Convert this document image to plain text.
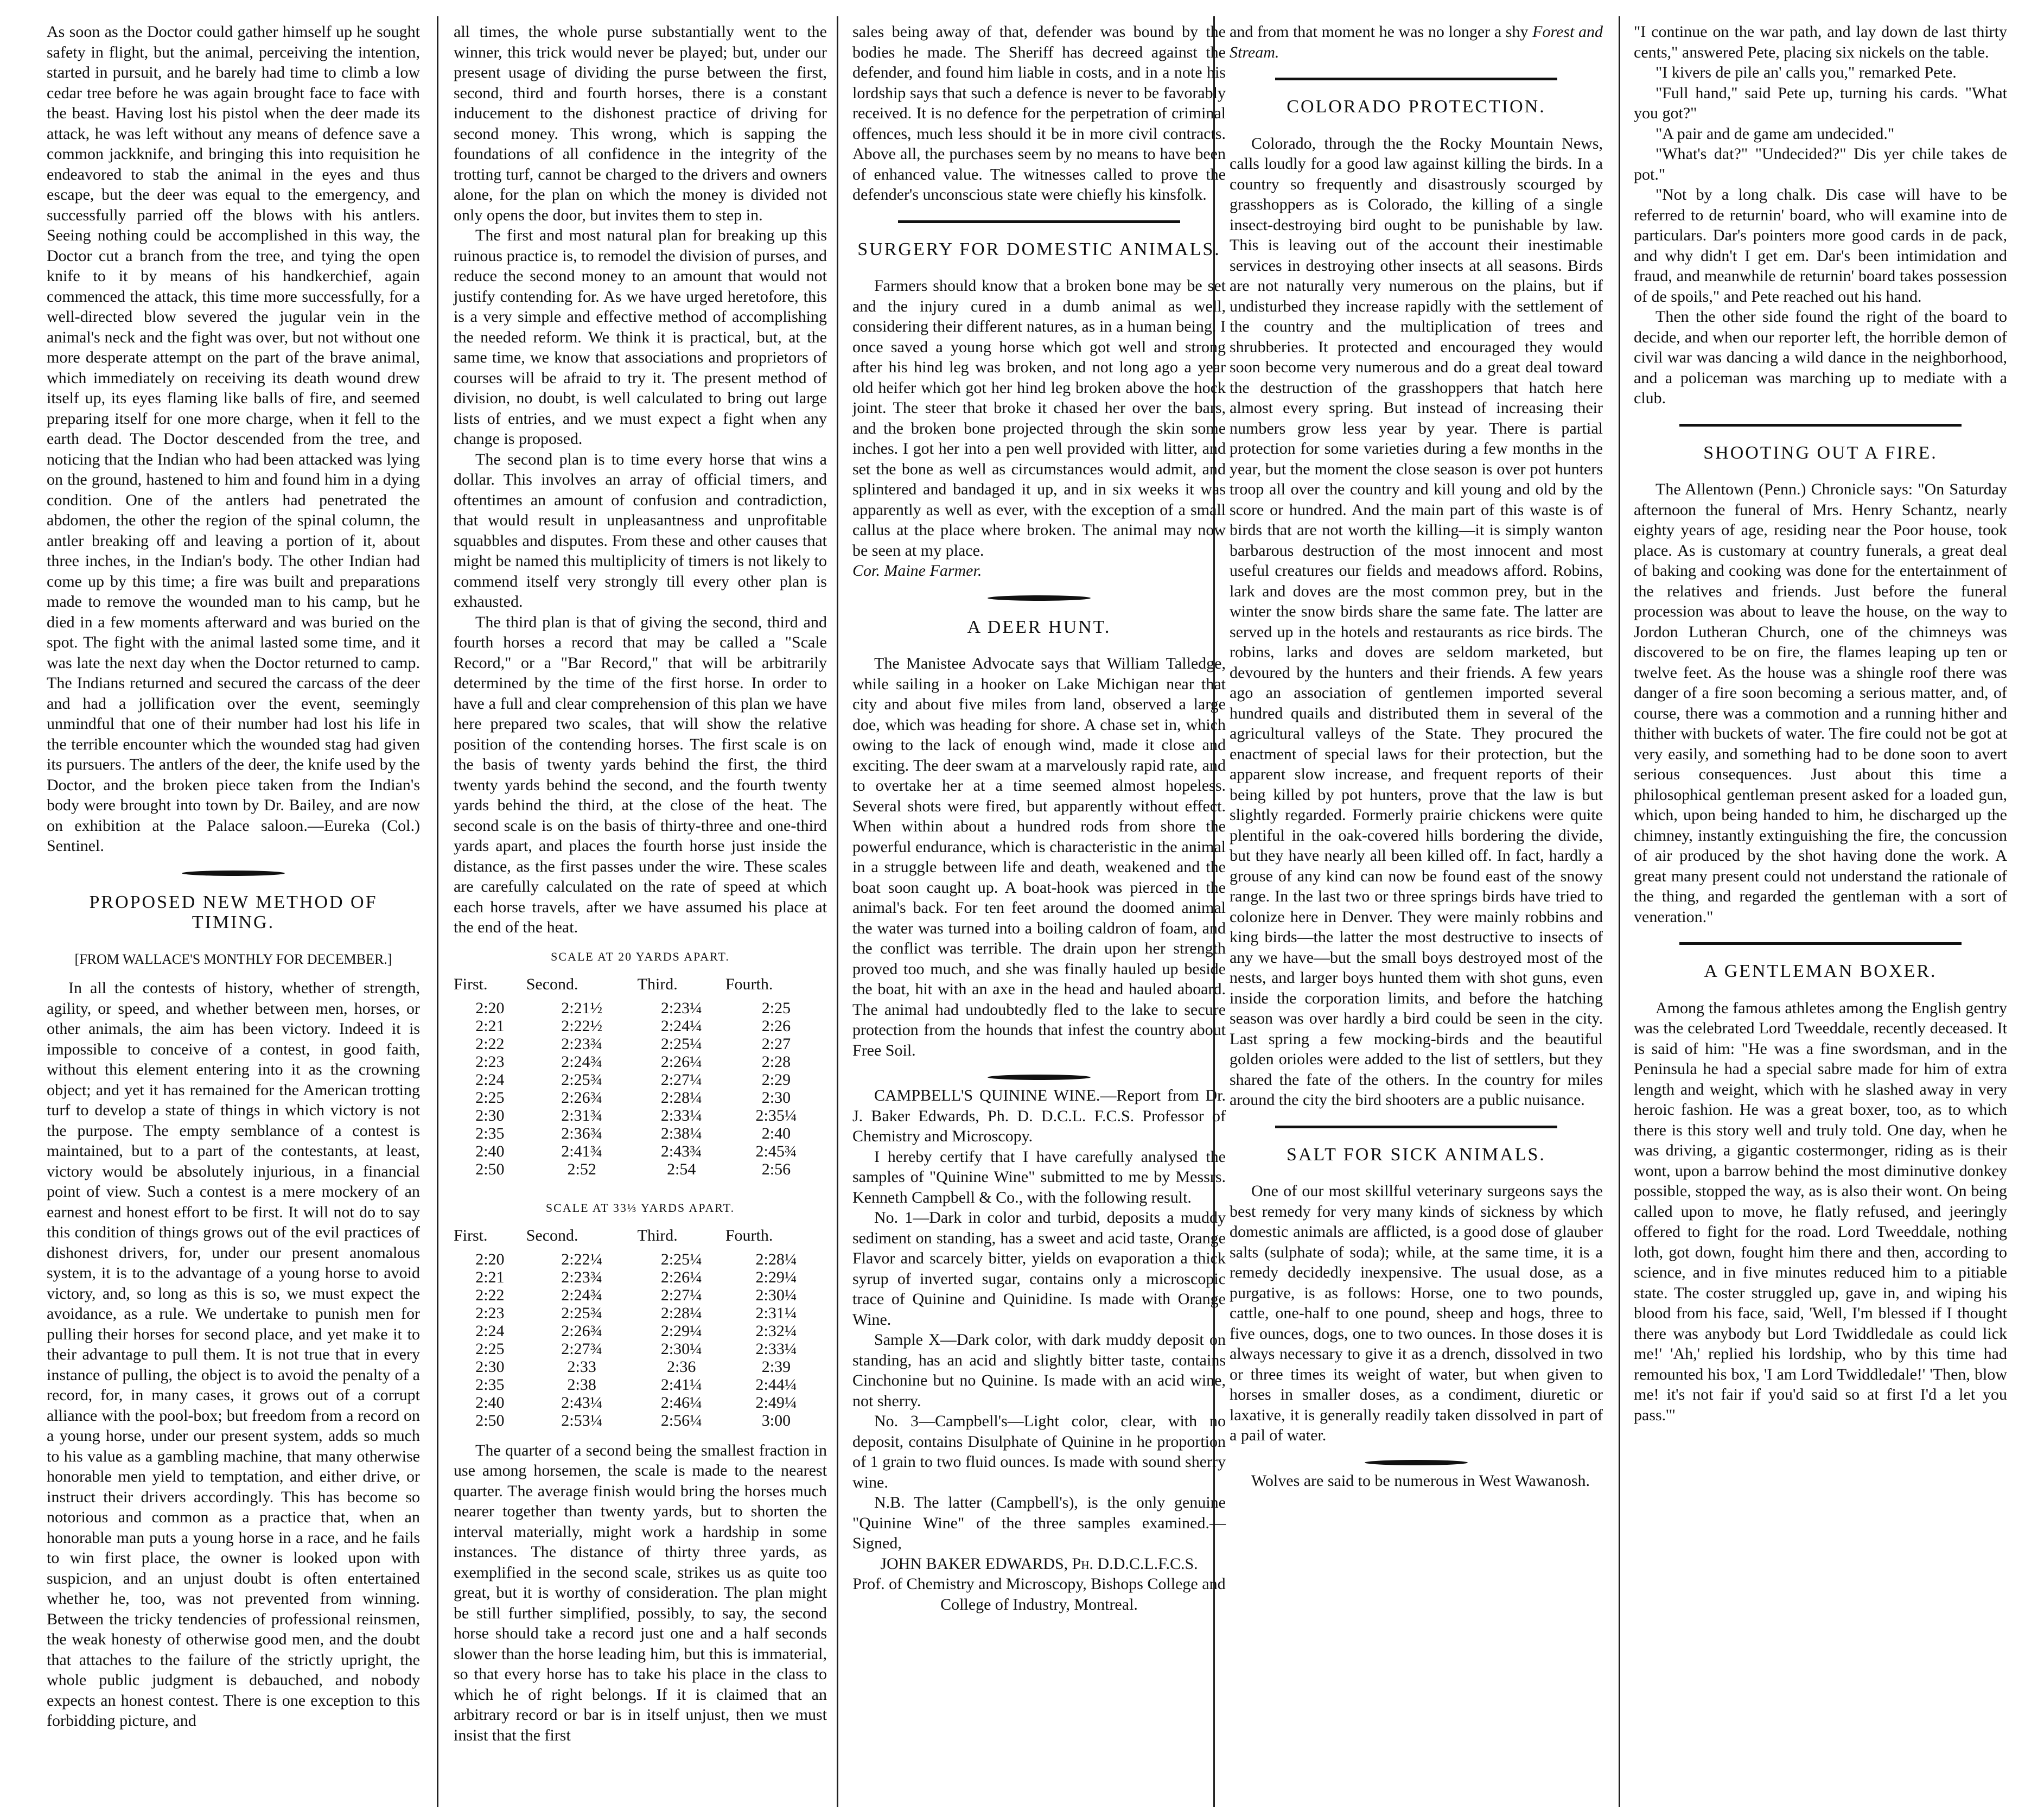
As soon as the Doctor could gather himself up he sought safety in flight, but the animal, perceiving the intention, started in pursuit, and he barely had time to climb a low cedar tree before he was again brought face to face with the beast. Having lost his pistol when the deer made its attack, he was left without any means of defence save a common jackknife, and bringing this into requisition he endeavored to stab the animal in the eyes and thus escape, but the deer was equal to the emergency, and successfully parried off the blows with his antlers. Seeing nothing could be accomplished in this way, the Doctor cut a branch from the tree, and tying the open knife to it by means of his handkerchief, again commenced the attack, this time more successfully, for a well-directed blow severed the jugular vein in the animal's neck and the fight was over, but not without one more desperate attempt on the part of the brave animal, which immediately on receiving its death wound drew itself up, its eyes flaming like balls of fire, and seemed preparing itself for one more charge, when it fell to the earth dead. The Doctor descended from the tree, and noticing that the Indian who had been attacked was lying on the ground, hastened to him and found him in a dying condition. One of the antlers had penetrated the abdomen, the other the region of the spinal column, the antler breaking off and leaving a portion of it, about three inches, in the Indian's body. The other Indian had come up by this time; a fire was built and preparations made to remove the wounded man to his camp, but he died in a few moments afterward and was buried on the spot. The fight with the animal lasted some time, and it was late the next day when the Doctor returned to camp. The Indians returned and secured the carcass of the deer and had a jollification over the event, seemingly unmindful that one of their number had lost his life in the terrible encounter which the wounded stag had given its pursuers. The antlers of the deer, the knife used by the Doctor, and the broken piece taken from the Indian's body were brought into town by Dr. Bailey, and are now on exhibition at the Palace saloon.—Eureka (Col.) Sentinel.

PROPOSED NEW METHOD OF TIMING.
[FROM WALLACE'S MONTHLY FOR DECEMBER.]

In all the contests of history, whether of strength, agility, or speed, and whether between men, horses, or other animals, the aim has been victory. Indeed it is impossible to conceive of a contest, in good faith, without this element entering into it as the crowning object; and yet it has remained for the American trotting turf to develop a state of things in which victory is not the purpose. The empty semblance of a contest is maintained, but to a part of the contestants, at least, victory would be absolutely injurious, in a financial point of view. Such a contest is a mere mockery of an earnest and honest effort to be first. It will not do to say this condition of things grows out of the evil practices of dishonest drivers, for, under our present anomalous system, it is to the advantage of a young horse to avoid victory, and, so long as this is so, we must expect the avoidance, as a rule. We undertake to punish men for pulling their horses for second place, and yet make it to their advantage to pull them. It is not true that in every instance of pulling, the object is to avoid the penalty of a record, for, in many cases, it grows out of a corrupt alliance with the pool-box; but freedom from a record on a young horse, under our present system, adds so much to his value as a gambling machine, that many otherwise honorable men yield to temptation, and either drive, or instruct their drivers accordingly. This has become so notorious and common as a practice that, when an honorable man puts a young horse in a race, and he fails to win first place, the owner is looked upon with suspicion, and an unjust doubt is often entertained whether he, too, was not prevented from winning. Between the tricky tendencies of professional reinsmen, the weak honesty of otherwise good men, and the doubt that attaches to the failure of the strictly upright, the whole public judgment is debauched, and nobody expects an honest contest. There is one exception to this forbidding picture, and

all times, the whole purse substantially went to the winner, this trick would never be played; but, under our present usage of dividing the purse between the first, second, third and fourth horses, there is a constant inducement to the dishonest practice of driving for second money. This wrong, which is sapping the foundations of all confidence in the integrity of the trotting turf, cannot be charged to the drivers and owners alone, for the plan on which the money is divided not only opens the door, but invites them to step in.

The first and most natural plan for breaking up this ruinous practice is, to remodel the division of purses, and reduce the second money to an amount that would not justify contending for. As we have urged heretofore, this is a very simple and effective method of accomplishing the needed reform. We think it is practical, but, at the same time, we know that associations and proprietors of courses will be afraid to try it. The present method of division, no doubt, is well calculated to bring out large lists of entries, and we must expect a fight when any change is proposed.

The second plan is to time every horse that wins a dollar. This involves an array of official timers, and oftentimes an amount of confusion and contradiction, that would result in unpleasantness and unprofitable squabbles and disputes. From these and other causes that might be named this multiplicity of timers is not likely to commend itself very strongly till every other plan is exhausted.

The third plan is that of giving the second, third and fourth horses a record that may be called a "Scale Record," or a "Bar Record," that will be arbitrarily determined by the time of the first horse. In order to have a full and clear comprehension of this plan we have here prepared two scales, that will show the relative position of the contending horses. The first scale is on the basis of twenty yards behind the first, the third twenty yards behind the second, and the fourth twenty yards behind the third, at the close of the heat. The second scale is on the basis of thirty-three and one-third yards apart, and places the fourth horse just inside the distance, as the first passes under the wire. These scales are carefully calculated on the rate of speed at which each horse travels, after we have assumed his place at the end of the heat.

SCALE AT 20 YARDS APART.
First.	Second.	Third.	Fourth.
2:20	2:21½	2:23¼	2:25
2:21	2:22½	2:24¼	2:26
2:22	2:23¾	2:25¼	2:27
2:23	2:24¾	2:26¼	2:28
2:24	2:25¾	2:27¼	2:29
2:25	2:26¾	2:28¼	2:30
2:30	2:31¾	2:33¼	2:35¼
2:35	2:36¾	2:38¼	2:40
2:40	2:41¾	2:43¾	2:45¾
2:50	2:52	2:54	2:56
SCALE AT 33⅓ YARDS APART.
First.	Second.	Third.	Fourth.
2:20	2:22¼	2:25¼	2:28¼
2:21	2:23¾	2:26¼	2:29¼
2:22	2:24¾	2:27¼	2:30¼
2:23	2:25¾	2:28¼	2:31¼
2:24	2:26¾	2:29¼	2:32¼
2:25	2:27¾	2:30¼	2:33¼
2:30	2:33	2:36	2:39
2:35	2:38	2:41¼	2:44¼
2:40	2:43¼	2:46¼	2:49¼
2:50	2:53¼	2:56¼	3:00

The quarter of a second being the smallest fraction in use among horsemen, the scale is made to the nearest quarter. The average finish would bring the horses much nearer together than twenty yards, but to shorten the interval materially, might work a hardship in some instances. The distance of thirty three yards, as exemplified in the second scale, strikes us as quite too great, but it is worthy of consideration. The plan might be still further simplified, possibly, to say, the second horse should take a record just one and a half seconds slower than the horse leading him, but this is immaterial, so that every horse has to take his place in the class to which he of right belongs. If it is claimed that an arbitrary record or bar is in itself unjust, then we must insist that the first

sales being away of that, defender was bound by the bodies he made. The Sheriff has decreed against the defender, and found him liable in costs, and in a note his lordship says that such a defence is never to be favorably received. It is no defence for the perpetration of criminal offences, much less should it be in more civil contracts. Above all, the purchases seem by no means to have been of enhanced value. The witnesses called to prove the defender's unconscious state were chiefly his kinsfolk.

SURGERY FOR DOMESTIC ANIMALS.

Farmers should know that a broken bone may be set and the injury cured in a dumb animal as well, considering their different natures, as in a human being. I once saved a young horse which got well and strong after his hind leg was broken, and not long ago a year old heifer which got her hind leg broken above the hock joint. The steer that broke it chased her over the bars, and the broken bone projected through the skin some inches. I got her into a pen well provided with litter, and set the bone as well as circumstances would admit, and splintered and bandaged it up, and in six weeks it was apparently as well as ever, with the exception of a small callus at the place where broken. The animal may now be seen at my place.

Cor. Maine Farmer.

A DEER HUNT.

The Manistee Advocate says that William Talledge, while sailing in a hooker on Lake Michigan near that city and about five miles from land, observed a large doe, which was heading for shore. A chase set in, which owing to the lack of enough wind, made it close and exciting. The deer swam at a marvelously rapid rate, and to overtake her at a time seemed almost hopeless. Several shots were fired, but apparently without effect. When within about a hundred rods from shore the powerful endurance, which is characteristic in the animal in a struggle between life and death, weakened and the boat soon caught up. A boat-hook was pierced in the animal's back. For ten feet around the doomed animal the water was turned into a boiling caldron of foam, and the conflict was terrible. The drain upon her strength proved too much, and she was finally hauled up beside the boat, hit with an axe in the head and hauled aboard. The animal had undoubtedly fled to the lake to secure protection from the hounds that infest the country about Free Soil.

CAMPBELL'S QUININE WINE.—Report from Dr. J. Baker Edwards, Ph. D. D.C.L. F.C.S. Professor of Chemistry and Microscopy.

I hereby certify that I have carefully analysed the samples of "Quinine Wine" submitted to me by Messrs. Kenneth Campbell & Co., with the following result.

No. 1—Dark in color and turbid, deposits a muddy sediment on standing, has a sweet and acid taste, Orange Flavor and scarcely bitter, yields on evaporation a thick syrup of inverted sugar, contains only a microscopic trace of Quinine and Quinidine. Is made with Orange Wine.

Sample X—Dark color, with dark muddy deposit on standing, has an acid and slightly bitter taste, contains Cinchonine but no Quinine. Is made with an acid wine, not sherry.

No. 3—Campbell's—Light color, clear, with no deposit, contains Disulphate of Quinine in he proportion of 1 grain to two fluid ounces. Is made with sound sherry wine.

N.B. The latter (Campbell's), is the only genuine "Quinine Wine" of the three samples examined.—Signed,

JOHN BAKER EDWARDS, Ph. D.D.C.L.F.C.S.
Prof. of Chemistry and Microscopy, Bishops College and College of Industry, Montreal.

and from that moment he was no longer a shy Forest and Stream.

COLORADO PROTECTION.

Colorado, through the the Rocky Mountain News, calls loudly for a good law against killing the birds. In a country so frequently and disastrously scourged by grasshoppers as is Colorado, the killing of a single insect-destroying bird ought to be punishable by law. This is leaving out of the account their inestimable services in destroying other insects at all seasons. Birds are not naturally very numerous on the plains, but if undisturbed they increase rapidly with the settlement of the country and the multiplication of trees and shrubberies. It protected and encouraged they would soon become very numerous and do a great deal toward the destruction of the grasshoppers that hatch here almost every spring. But instead of increasing their numbers grow less year by year. There is partial protection for some varieties during a few months in the year, but the moment the close season is over pot hunters troop all over the country and kill young and old by the score or hundred. And the main part of this waste is of birds that are not worth the killing—it is simply wanton barbarous destruction of the most innocent and most useful creatures our fields and meadows afford. Robins, lark and doves are the most common prey, but in the winter the snow birds share the same fate. The latter are served up in the hotels and restaurants as rice birds. The robins, larks and doves are seldom marketed, but devoured by the hunters and their friends. A few years ago an association of gentlemen imported several hundred quails and distributed them in several of the agricultural valleys of the State. They procured the enactment of special laws for their protection, but the apparent slow increase, and frequent reports of their being killed by pot hunters, prove that the law is but slightly regarded. Formerly prairie chickens were quite plentiful in the oak-covered hills bordering the divide, but they have nearly all been killed off. In fact, hardly a grouse of any kind can now be found east of the snowy range. In the last two or three springs birds have tried to colonize here in Denver. They were mainly robbins and king birds—the latter the most destructive to insects of any we have—but the small boys destroyed most of the nests, and larger boys hunted them with shot guns, even inside the corporation limits, and before the hatching season was over hardly a bird could be seen in the city. Last spring a few mocking-birds and the beautiful golden orioles were added to the list of settlers, but they shared the fate of the others. In the country for miles around the city the bird shooters are a public nuisance.

SALT FOR SICK ANIMALS.

One of our most skillful veterinary surgeons says the best remedy for very many kinds of sickness by which domestic animals are afflicted, is a good dose of glauber salts (sulphate of soda); while, at the same time, it is a remedy decidedly inexpensive. The usual dose, as a purgative, is as follows: Horse, one to two pounds, cattle, one-half to one pound, sheep and hogs, three to five ounces, dogs, one to two ounces. In those doses it is always necessary to give it as a drench, dissolved in two or three times its weight of water, but when given to horses in smaller doses, as a condiment, diuretic or laxative, it is generally readily taken dissolved in part of a pail of water.

Wolves are said to be numerous in West Wawanosh.

"I continue on the war path, and lay down de last thirty cents," answered Pete, placing six nickels on the table.

"I kivers de pile an' calls you," remarked Pete.

"Full hand," said Pete up, turning his cards. "What you got?"

"A pair and de game am undecided."

"What's dat?" "Undecided?" Dis yer chile takes de pot."

"Not by a long chalk. Dis case will have to be referred to de returnin' board, who will examine into de particulars. Dar's pointers more good cards in de pack, and why didn't I get em. Dar's been intimidation and fraud, and meanwhile de returnin' board takes possession of de spoils," and Pete reached out his hand.

Then the other side found the right of the board to decide, and when our reporter left, the horrible demon of civil war was dancing a wild dance in the neighborhood, and a policeman was marching up to mediate with a club.

SHOOTING OUT A FIRE.

The Allentown (Penn.) Chronicle says: "On Saturday afternoon the funeral of Mrs. Henry Schantz, nearly eighty years of age, residing near the Poor house, took place. As is customary at country funerals, a great deal of baking and cooking was done for the entertainment of the relatives and friends. Just before the funeral procession was about to leave the house, on the way to Jordon Lutheran Church, one of the chimneys was discovered to be on fire, the flames leaping up ten or twelve feet. As the house was a shingle roof there was danger of a fire soon becoming a serious matter, and, of course, there was a commotion and a running hither and thither with buckets of water. The fire could not be got at very easily, and something had to be done soon to avert serious consequences. Just about this time a philosophical gentleman present asked for a loaded gun, which, upon being handed to him, he discharged up the chimney, instantly extinguishing the fire, the concussion of air produced by the shot having done the work. A great many present could not understand the rationale of the thing, and regarded the gentleman with a sort of veneration."

A GENTLEMAN BOXER.

Among the famous athletes among the English gentry was the celebrated Lord Tweeddale, recently deceased. It is said of him: "He was a fine swordsman, and in the Peninsula he had a special sabre made for him of extra length and weight, which with he slashed away in very heroic fashion. He was a great boxer, too, as to which there is this story well and truly told. One day, when he was driving, a gigantic costermonger, riding as is their wont, upon a barrow behind the most diminutive donkey possible, stopped the way, as is also their wont. On being called upon to move, he flatly refused, and jeeringly offered to fight for the road. Lord Tweeddale, nothing loth, got down, fought him there and then, according to science, and in five minutes reduced him to a pitiable state. The coster struggled up, gave in, and wiping his blood from his face, said, 'Well, I'm blessed if I thought there was anybody but Lord Twiddledale as could lick me!' 'Ah,' replied his lordship, who by this time had remounted his box, 'I am Lord Twiddledale!' 'Then, blow me! it's not fair if you'd said so at first I'd a let you pass.'"
